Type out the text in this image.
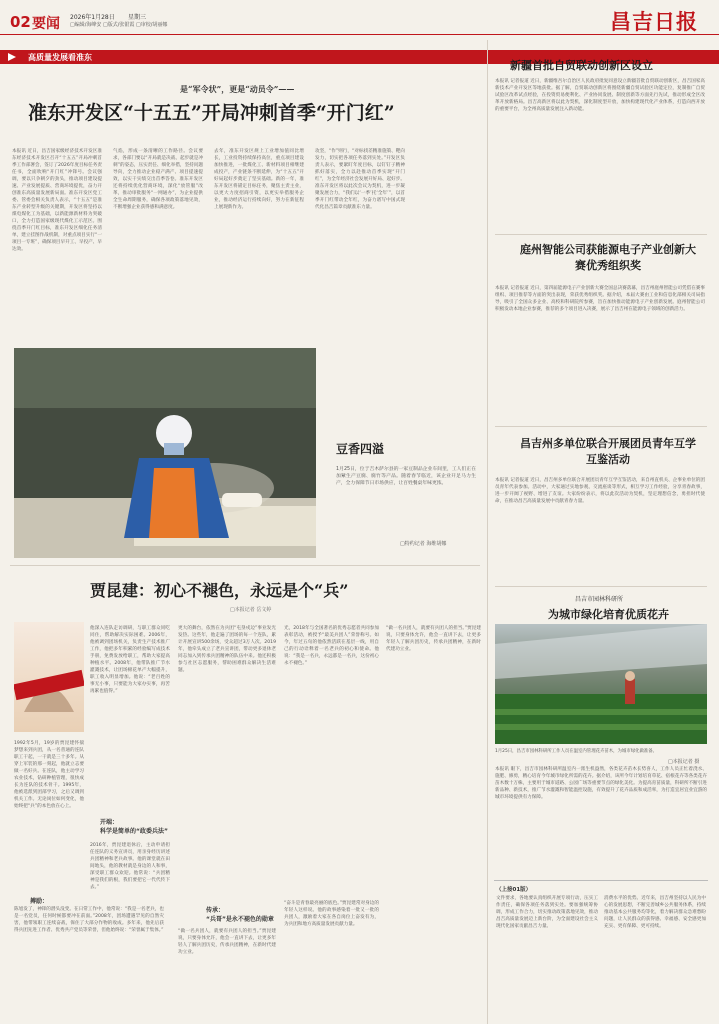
02 要闻 2026年1月28日 星期三
□编辑/海峰安 □版式/张银霞 □审校/胡丽娜	昌吉日报
高质量发展看准东
是“军令状”，更是“动员令”——
准东开发区“十五五”开局冲刺首季“开门红”
本报讯 近日，昌吉国家级经济技术开发区准东经济技术开发区召开“十五五”开局冲刺首季工作部署会，签订了2026年度目标任务责任书，全面吹响“开门红”冲锋号。会议强调，要以只争朝夕的劲头，推动项目建设提速、产业发展提质、营商环境提优，奋力开创准东高质量发展新局面。准东开发区党工委、管委会相关负责人表示，“十五五”是准东产业转型升级的关键期，开发区将坚持以煤电煤化工为基础，以新能源新材料为突破口，全力打造国家级现代煤化工示范区。围绕首季开门红目标，准东开发区细化任务清单，建立挂图作战机制，对重点项目实行“一项目一专班”，确保项目早开工、早投产、早达效。
气焰，形成一条清晰的工作路径。会议要求，各部门要以“开局就是决战、起步就是冲刺”的姿态，压实责任、细化举措，坚持问题导向，全力推动企业稳产满产、项目提速提效，以实干实绩交出首季答卷。准东开发区还将持续优化营商环境，深化“放管服”改革，推动审批服务“一网通办”，为企业提供全生命周期服务，确保各项政策落地见效，不断增强企业获得感和满意度。
去年，准东开发区规上工业增加值同比增长，工业投资持续保持高位，重点项目建设加快推进，一批煤化工、新材料项目相继建成投产，产业链条不断延伸，为“十五五”开好局起好步奠定了坚实基础。新的一年，准东开发区将锚定目标任务，聚焦主责主业，以更大力度招商引资，以更实举措服务企业，推动经济运行持续向好，努力在新征程上展现新作为。
攻坚，“作”则行，“对标找差精准施策、靶向发力，切实把各项任务落到实处。”开发区负责人表示，要紧盯年度目标，以钉钉子精神抓好落实，全力以赴推动首季实现“开门红”，为全年经济社会发展开好局、起好步。准东开发区将以此次会议为契机，进一步凝聚发展合力，“我们以‘一季’托‘全年’”，以首季开门红带动全年红，为奋力谱写中国式现代化昌吉篇章贡献准东力量。
豆香四溢
1月25日，位于吉木萨尔县的一家豆制品企业车间里，工人们正在加紧生产豆腐、腐竹等产品。随着春节临近，该企业开足马力生产，全力保障节日市场供应，让百姓餐桌年味更浓。
□特约记者 海维胡娜
贾昆建：初心不褪色，永远是个“兵”
□本报记者 岳文婷
1992年5月，19岁的贾昆建怀揣梦想来到兵团，从一名普通的连队职工干起，一干就是三十多年。从穿上军装的那一刻起，他就立志要做一名好兵。在连队，他主动学习农业技术，钻研种植管理，很快成长为连队的技术骨干。1995年，他被选派到团部学习，之后又调到机关工作。无论岗位如何变化，他始终把“兵”的本色放在心上。
搏励：
陈旭发了，神锋的潜头没变。在日常工作中，他常说：“我是一名老兵，也是一名党员，任何时候都要冲在前面。”2008年，团场遭遇罕见的自然灾害，他带领职工连续奋战，保住了大部分作物的收成。多年来，他先后获得兵团先进工作者、优秀共产党员等荣誉，但他始终说：“荣誉属于集体。”
他深入连队走访调研，与职工群众同吃同住，帮助解决实际困难。2006年，他被调到团场机关，负责生产技术推广工作，他把多年积累的经验编写成技术手册，免费发放给职工，帮助大家提高种植水平。2008年，他带队推广节水灌溉技术，让团场棉花单产大幅提升，职工收入明显增加。他说：“老百姓的事无小事，只要能为大家办实事，再苦再累也值得。”
开端：
科学是简单的“政委兵法”
2016年，贾昆建退休后，主动申请担任连队的义务宣讲员，用亲身经历讲述兵团精神和老兵故事。他的课堂就在田间地头，他的教材就是身边的人和事，深受职工群众欢迎。他常说：“兵团精神是我们的根，我们要把它一代代传下去。”
更大的舞台，依然在为兵团“屯垦戍边”事业发光发热。这些年，他走遍了团场的每一个连队，累计开展宣讲500余场，受众超过3万人次。2019年，他牵头成立了老兵宣讲团，带动更多退休老同志加入到传承兵团精神的队伍中来。他还积极参与社区志愿服务，帮助困难群众解决生活难题。
传承：
“兵哥”是永不褪色的勋章
“做一名兵团人，就要有兵团人的担当。”贾昆建说，只要身体允许，他会一直讲下去，让更多年轻人了解兵团历史，传承兵团精神，在新时代建功立业。
光，2018年与全国著名的优秀志愿者共同参加表彰活动，被授予“最美兵团人”荣誉称号。如今，年过五旬的他依然活跃在基层一线，用自己的行动诠释着一名老兵的初心和使命。他说：“我是一名兵，永远都是一名兵，这份初心永不褪色。”
“奋斗是青春最亮丽的底色。”贾昆建常对身边的年轻人这样说。他的故事感染着一批又一批的兵团人，激励着大家在各自岗位上奋发有为，为兵团和地方高质量发展贡献力量。
“做一名兵团人，就要有兵团人的担当。”贾昆建说，只要身体允许，他会一直讲下去，让更多年轻人了解兵团历史，传承兵团精神，在新时代建功立业。
新疆首批自贸联动创新区设立
本报讯 记者报道 近日，新疆维吾尔自治区人民政府批复同意设立新疆首批自贸联动创新区，昌吉国家高新技术产业开发区等地获批。据了解，自贸联动创新区将围绕新疆自贸试验区功能定位，复制推广自贸试验区改革试点经验，在投资贸易便利化、产业协同发展、制度创新等方面先行先试，推动形成全区改革开放新格局。昌吉高新区将以此为契机，深化制度型开放，加快构建现代化产业体系，打造向西开放的重要平台，为全州高质量发展注入新动能。
庭州智能公司获能源电子产业创新大赛优秀组织奖
本报讯 记者报道 近日，第四届能源电子产业创新大赛全国总决赛落幕，昌吉州庭州智能公司凭借在赛事组织、项目推荐等方面的突出表现，荣获优秀组织奖。据介绍，本届大赛由工业和信息化部相关司局指导，吸引了全国众多企业、高校和科研院所参赛，旨在加快推动能源电子产业创新发展。庭州智能公司积极发动本地企业参赛，推荐的多个项目进入决赛，展示了昌吉州在能源电子领域的创新活力。
昌吉州多单位联合开展团员青年互学互鉴活动
本报讯 记者报道 近日，昌吉州多单位联合开展团员青年互学互鉴活动，来自州直机关、企事业单位的团员青年代表参加。活动中，大家通过实地参观、交流座谈等形式，相互学习工作经验，分享青春故事，进一步开阔了视野、增进了友谊。大家纷纷表示，将以此次活动为契机，坚定理想信念，勇担时代使命，在推动昌吉高质量发展中贡献青春力量。
昌吉市园林科研所
为城市绿化培育优质花卉
1月25日，昌吉市园林科研所工作人员在温室内管理花卉苗木，为城市绿化做准备。
□本报记者 摄
本报讯 眼下，昌吉市园林科研所温室内一派生机盎然，各类花卉苗木长势喜人，工作人员正忙着浇水、施肥、修剪，精心培育今年城市绿化所需的花卉。据介绍，该所今年计划培育草花、宿根花卉等各类花卉苗木数十万株，主要用于城市道路、公园广场等重要节点的绿化美化。为提高育苗质量，科研所不断引进新品种、新技术，推广节水灌溉和智能温控设施，有效提升了花卉品质和成活率，为打造宜居宜业宜游的城市环境提供有力保障。
（上接01版）
文件要求，各地要认真组织开展专项行动，压实工作责任，确保各项任务落到实处。要加强统筹协调，形成工作合力，切实推动政策落地见效，推动昌吉高质量发展迈上新台阶，为全面建设社会主义现代化国家贡献昌吉力量。
消费水平的优势。近年来，昌吉州坚持以人民为中心的发展思想，不断完善城乡公共服务体系，持续推动基本公共服务均等化，着力解决群众急难愁盼问题，让人民群众的获得感、幸福感、安全感更加充实、更有保障、更可持续。
